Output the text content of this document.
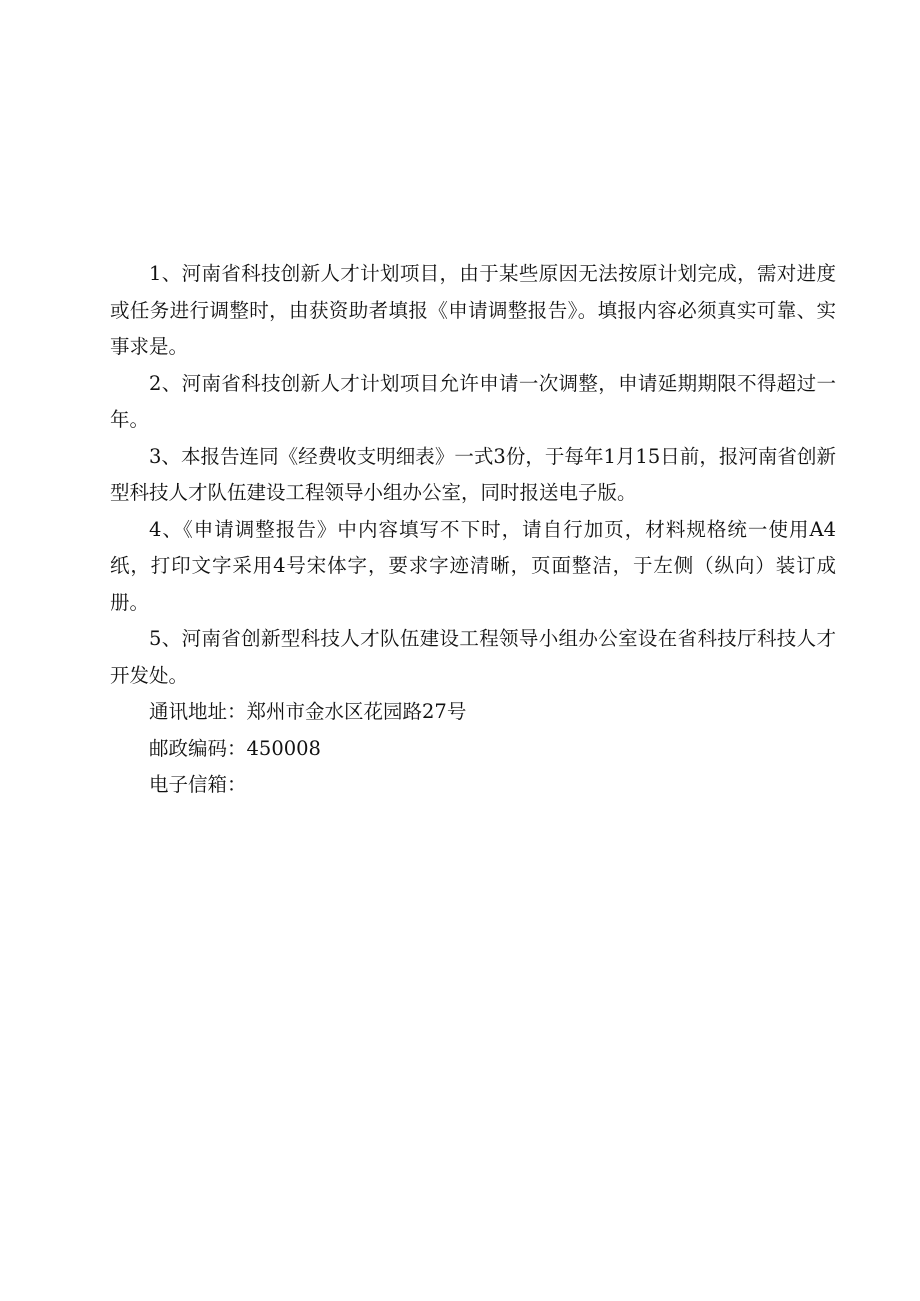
1、河南省科技创新人才计划项目，由于某些原因无法按原计划完成，需对进度或任务进行调整时，由获资助者填报《申请调整报告》。填报内容必须真实可靠、实事求是。

2、河南省科技创新人才计划项目允许申请一次调整，申请延期期限不得超过一年。

3、本报告连同《经费收支明细表》一式3份，于每年1月15日前，报河南省创新型科技人才队伍建设工程领导小组办公室，同时报送电子版。

4、《申请调整报告》中内容填写不下时，请自行加页，材料规格统一使用A4纸，打印文字采用4号宋体字，要求字迹清晰，页面整洁，于左侧（纵向）装订成册。

5、河南省创新型科技人才队伍建设工程领导小组办公室设在省科技厅科技人才开发处。

通讯地址：郑州市金水区花园路27号

邮政编码：450008

电子信箱：
